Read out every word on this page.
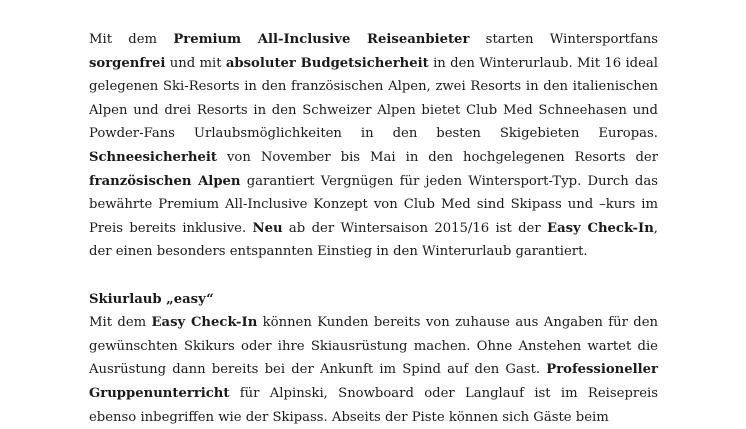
Mit dem Premium All-Inclusive Reiseanbieter starten Wintersportfans sorgenfrei und mit absoluter Budgetsicherheit in den Winterurlaub. Mit 16 ideal gelegenen Ski-Resorts in den französischen Alpen, zwei Resorts in den italienischen Alpen und drei Resorts in den Schweizer Alpen bietet Club Med Schneehasen und Powder-Fans Urlaubsmöglichkeiten in den besten Skigebieten Europas. Schneesicherheit von November bis Mai in den hochgelegenen Resorts der französischen Alpen garantiert Vergnügen für jeden Wintersport-Typ. Durch das bewährte Premium All-Inclusive Konzept von Club Med sind Skipass und –kurs im Preis bereits inklusive. Neu ab der Wintersaison 2015/16 ist der Easy Check-In, der einen besonders entspannten Einstieg in den Winterurlaub garantiert.

Skiurlaub „easy“

Mit dem Easy Check-In können Kunden bereits von zuhause aus Angaben für den gewünschten Skikurs oder ihre Skiausrüstung machen. Ohne Anstehen wartet die Ausrüstung dann bereits bei der Ankunft im Spind auf den Gast. Professioneller Gruppenunterricht für Alpinski, Snowboard oder Langlauf ist im Reisepreis ebenso inbegriffen wie der Skipass. Abseits der Piste können sich Gäste beim
